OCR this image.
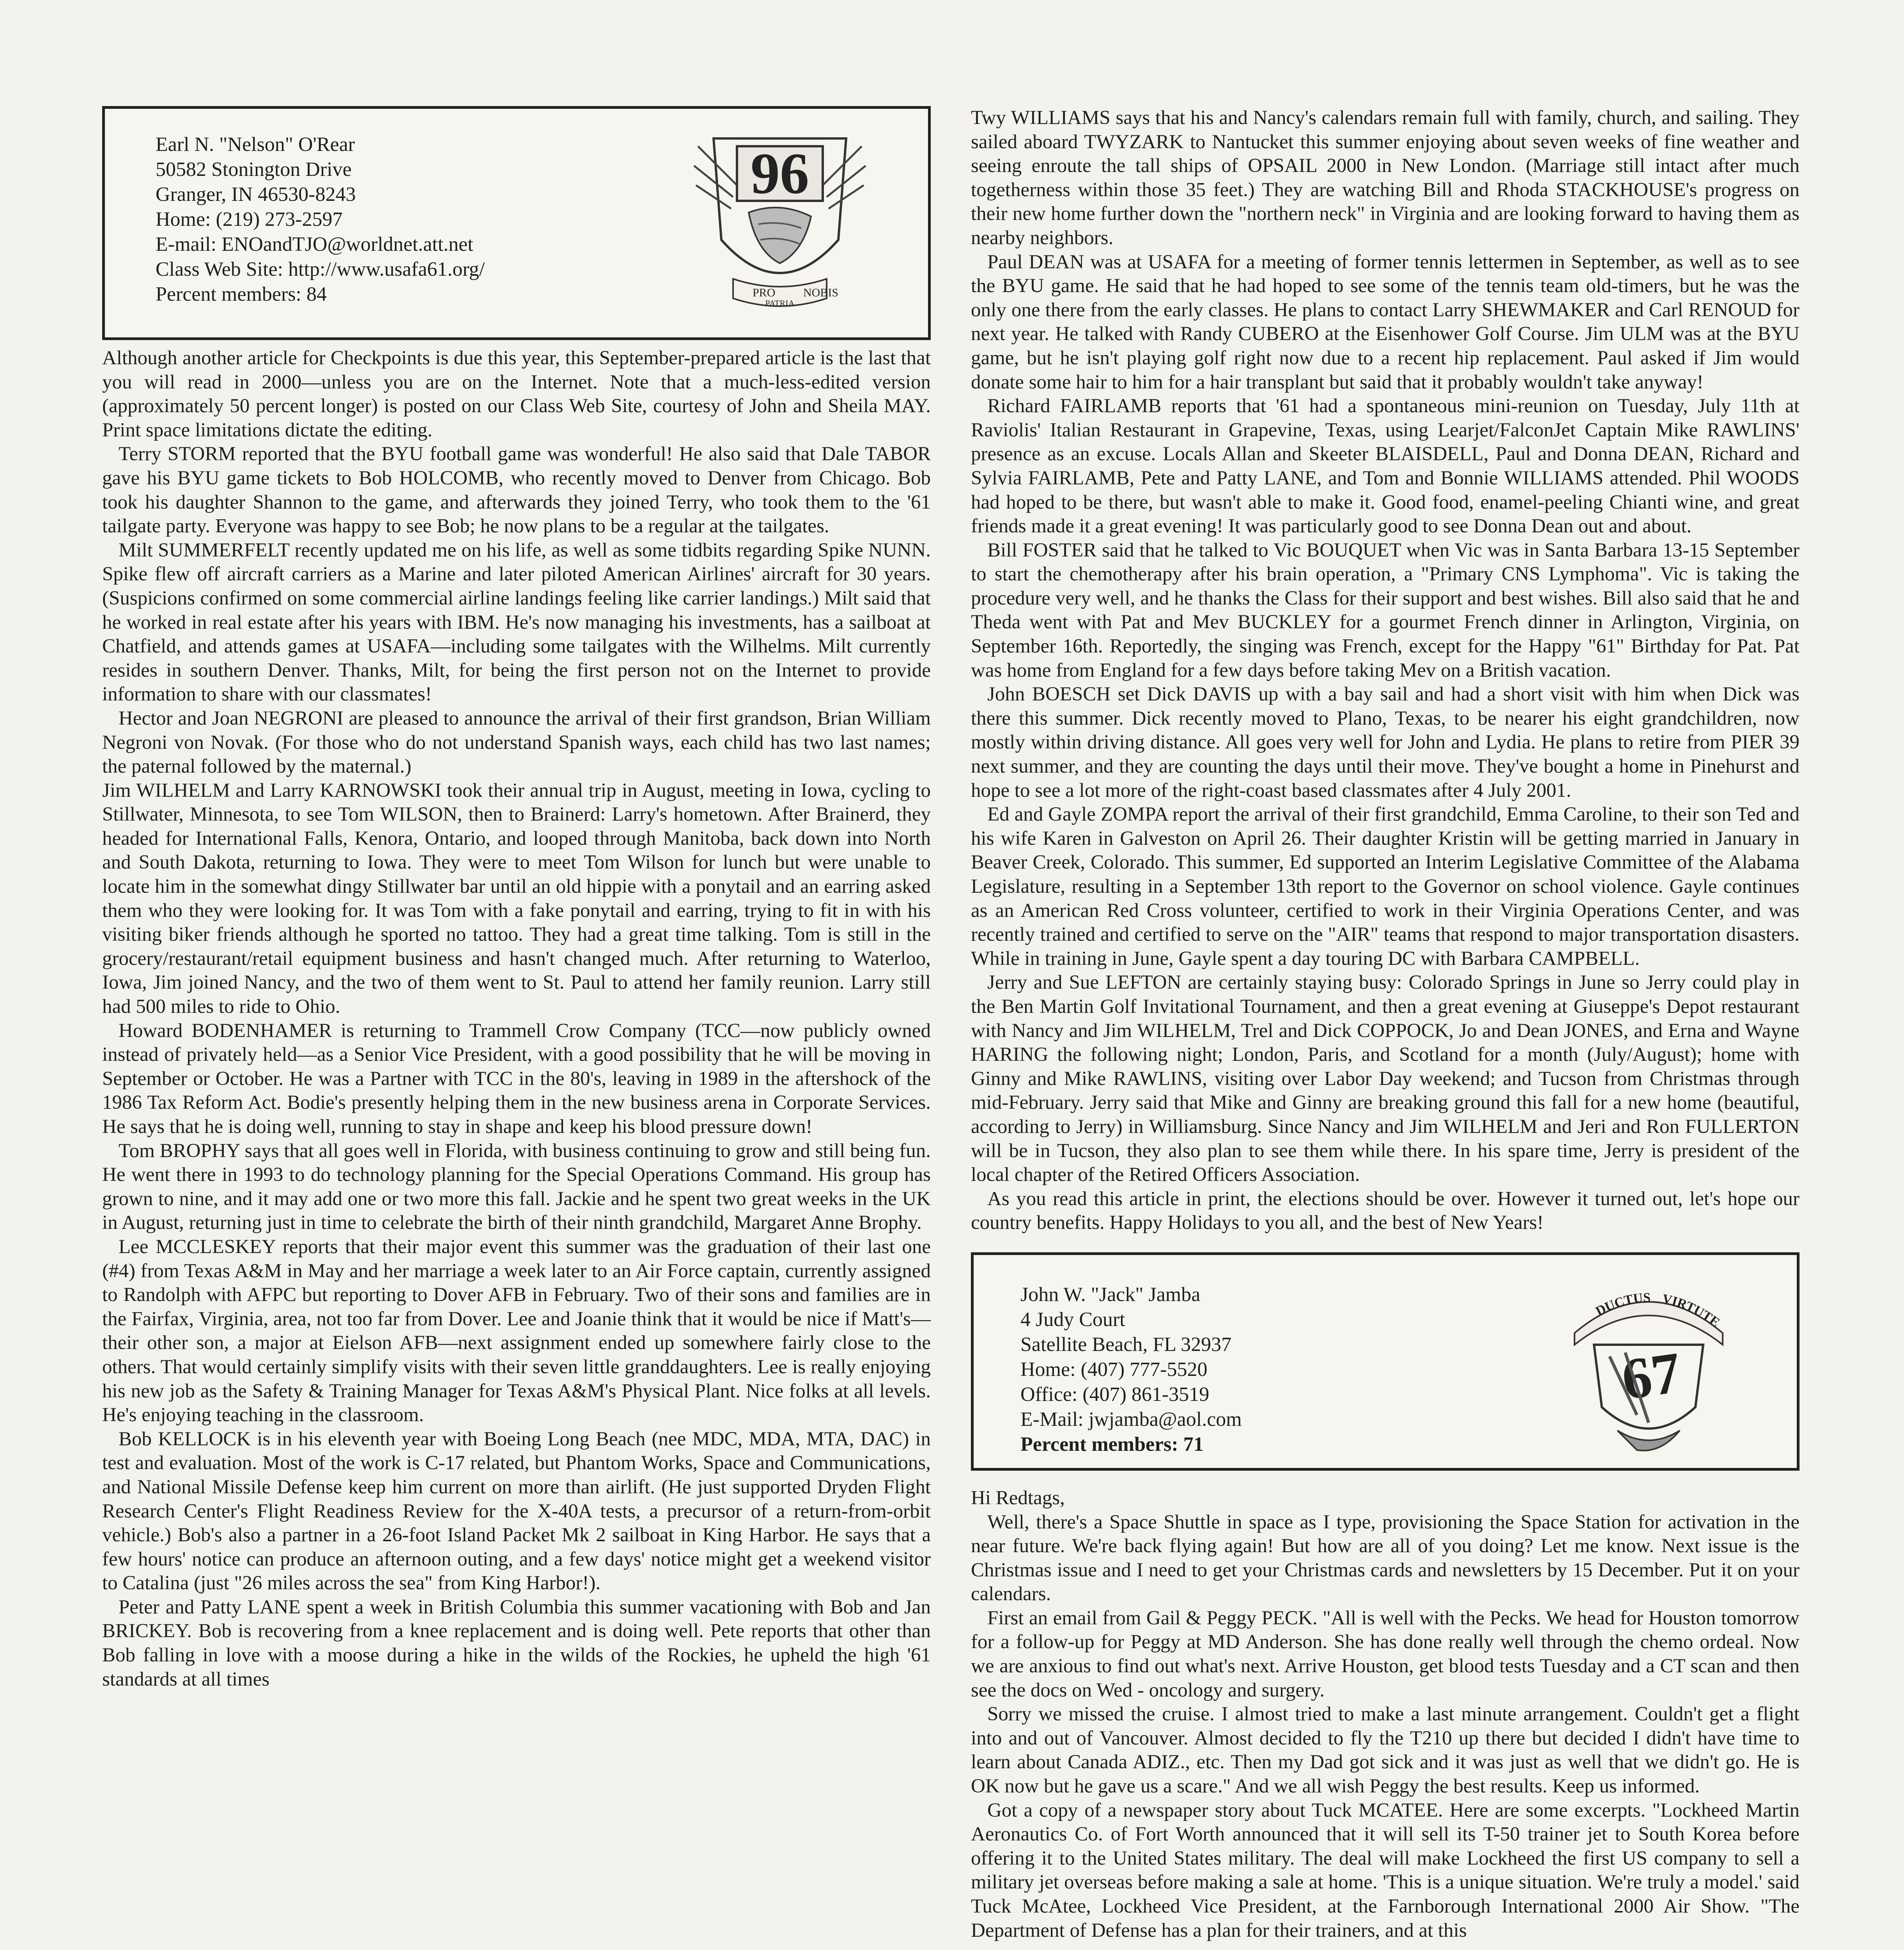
Earl N. "Nelson" O'Rear
50582 Stonington Drive
Granger, IN 46530-8243
Home: (219) 273-2597
E-mail: ENOandTJO@worldnet.att.net
Class Web Site: http://www.usafa61.org/
Percent members: 84
96
PRO
PATRIA
NOBIS

Although another article for Checkpoints is due this year, this September-prepared article is the last that you will read in 2000—unless you are on the Internet. Note that a much-less-edited version (approximately 50 percent longer) is posted on our Class Web Site, courtesy of John and Sheila MAY. Print space limitations dictate the editing.

Terry STORM reported that the BYU football game was wonderful! He also said that Dale TABOR gave his BYU game tickets to Bob HOLCOMB, who recently moved to Denver from Chicago. Bob took his daughter Shannon to the game, and afterwards they joined Terry, who took them to the '61 tailgate party. Everyone was happy to see Bob; he now plans to be a regular at the tailgates.

Milt SUMMERFELT recently updated me on his life, as well as some tidbits regarding Spike NUNN. Spike flew off aircraft carriers as a Marine and later piloted American Airlines' aircraft for 30 years. (Suspicions confirmed on some commercial airline landings feeling like carrier landings.) Milt said that he worked in real estate after his years with IBM. He's now managing his investments, has a sailboat at Chatfield, and attends games at USAFA—including some tailgates with the Wilhelms. Milt currently resides in southern Denver. Thanks, Milt, for being the first person not on the Internet to provide information to share with our classmates!

Hector and Joan NEGRONI are pleased to announce the arrival of their first grandson, Brian William Negroni von Novak. (For those who do not understand Spanish ways, each child has two last names; the paternal followed by the maternal.)

Jim WILHELM and Larry KARNOWSKI took their annual trip in August, meeting in Iowa, cycling to Stillwater, Minnesota, to see Tom WILSON, then to Brainerd: Larry's hometown. After Brainerd, they headed for International Falls, Kenora, Ontario, and looped through Manitoba, back down into North and South Dakota, returning to Iowa. They were to meet Tom Wilson for lunch but were unable to locate him in the somewhat dingy Stillwater bar until an old hippie with a ponytail and an earring asked them who they were looking for. It was Tom with a fake ponytail and earring, trying to fit in with his visiting biker friends although he sported no tattoo. They had a great time talking. Tom is still in the grocery/restaurant/retail equipment business and hasn't changed much. After returning to Waterloo, Iowa, Jim joined Nancy, and the two of them went to St. Paul to attend her family reunion. Larry still had 500 miles to ride to Ohio.

Howard BODENHAMER is returning to Trammell Crow Company (TCC—now publicly owned instead of privately held—as a Senior Vice President, with a good possibility that he will be moving in September or October. He was a Partner with TCC in the 80's, leaving in 1989 in the aftershock of the 1986 Tax Reform Act. Bodie's presently helping them in the new business arena in Corporate Services. He says that he is doing well, running to stay in shape and keep his blood pressure down!

Tom BROPHY says that all goes well in Florida, with business continuing to grow and still being fun. He went there in 1993 to do technology planning for the Special Operations Command. His group has grown to nine, and it may add one or two more this fall. Jackie and he spent two great weeks in the UK in August, returning just in time to celebrate the birth of their ninth grandchild, Margaret Anne Brophy.

Lee MCCLESKEY reports that their major event this summer was the graduation of their last one (#4) from Texas A&M in May and her marriage a week later to an Air Force captain, currently assigned to Randolph with AFPC but reporting to Dover AFB in February. Two of their sons and families are in the Fairfax, Virginia, area, not too far from Dover. Lee and Joanie think that it would be nice if Matt's—their other son, a major at Eielson AFB—next assignment ended up somewhere fairly close to the others. That would certainly simplify visits with their seven little granddaughters. Lee is really enjoying his new job as the Safety & Training Manager for Texas A&M's Physical Plant. Nice folks at all levels. He's enjoying teaching in the classroom.

Bob KELLOCK is in his eleventh year with Boeing Long Beach (nee MDC, MDA, MTA, DAC) in test and evaluation. Most of the work is C-17 related, but Phantom Works, Space and Communications, and National Missile Defense keep him current on more than airlift. (He just supported Dryden Flight Research Center's Flight Readiness Review for the X-40A tests, a precursor of a return-from-orbit vehicle.) Bob's also a partner in a 26-foot Island Packet Mk 2 sailboat in King Harbor. He says that a few hours' notice can produce an afternoon outing, and a few days' notice might get a weekend visitor to Catalina (just "26 miles across the sea" from King Harbor!).

Peter and Patty LANE spent a week in British Columbia this summer vacationing with Bob and Jan BRICKEY. Bob is recovering from a knee replacement and is doing well. Pete reports that other than Bob falling in love with a moose during a hike in the wilds of the Rockies, he upheld the high '61 standards at all times

Twy WILLIAMS says that his and Nancy's calendars remain full with family, church, and sailing. They sailed aboard TWYZARK to Nantucket this summer enjoying about seven weeks of fine weather and seeing enroute the tall ships of OPSAIL 2000 in New London. (Marriage still intact after much togetherness within those 35 feet.) They are watching Bill and Rhoda STACKHOUSE's progress on their new home further down the "northern neck" in Virginia and are looking forward to having them as nearby neighbors.

Paul DEAN was at USAFA for a meeting of former tennis lettermen in September, as well as to see the BYU game. He said that he had hoped to see some of the tennis team old-timers, but he was the only one there from the early classes. He plans to contact Larry SHEWMAKER and Carl RENOUD for next year. He talked with Randy CUBERO at the Eisenhower Golf Course. Jim ULM was at the BYU game, but he isn't playing golf right now due to a recent hip replacement. Paul asked if Jim would donate some hair to him for a hair transplant but said that it probably wouldn't take anyway!

Richard FAIRLAMB reports that '61 had a spontaneous mini-reunion on Tuesday, July 11th at Raviolis' Italian Restaurant in Grapevine, Texas, using Learjet/FalconJet Captain Mike RAWLINS' presence as an excuse. Locals Allan and Skeeter BLAISDELL, Paul and Donna DEAN, Richard and Sylvia FAIRLAMB, Pete and Patty LANE, and Tom and Bonnie WILLIAMS attended. Phil WOODS had hoped to be there, but wasn't able to make it. Good food, enamel-peeling Chianti wine, and great friends made it a great evening! It was particularly good to see Donna Dean out and about.

Bill FOSTER said that he talked to Vic BOUQUET when Vic was in Santa Barbara 13-15 September to start the chemotherapy after his brain operation, a "Primary CNS Lymphoma". Vic is taking the procedure very well, and he thanks the Class for their support and best wishes. Bill also said that he and Theda went with Pat and Mev BUCKLEY for a gourmet French dinner in Arlington, Virginia, on September 16th. Reportedly, the singing was French, except for the Happy "61" Birthday for Pat. Pat was home from England for a few days before taking Mev on a British vacation.

John BOESCH set Dick DAVIS up with a bay sail and had a short visit with him when Dick was there this summer. Dick recently moved to Plano, Texas, to be nearer his eight grandchildren, now mostly within driving distance. All goes very well for John and Lydia. He plans to retire from PIER 39 next summer, and they are counting the days until their move. They've bought a home in Pinehurst and hope to see a lot more of the right-coast based classmates after 4 July 2001.

Ed and Gayle ZOMPA report the arrival of their first grandchild, Emma Caroline, to their son Ted and his wife Karen in Galveston on April 26. Their daughter Kristin will be getting married in January in Beaver Creek, Colorado. This summer, Ed supported an Interim Legislative Committee of the Alabama Legislature, resulting in a September 13th report to the Governor on school violence. Gayle continues as an American Red Cross volunteer, certified to work in their Virginia Operations Center, and was recently trained and certified to serve on the "AIR" teams that respond to major transportation disasters. While in training in June, Gayle spent a day touring DC with Barbara CAMPBELL.

Jerry and Sue LEFTON are certainly staying busy: Colorado Springs in June so Jerry could play in the Ben Martin Golf Invitational Tournament, and then a great evening at Giuseppe's Depot restaurant with Nancy and Jim WILHELM, Trel and Dick COPPOCK, Jo and Dean JONES, and Erna and Wayne HARING the following night; London, Paris, and Scotland for a month (July/August); home with Ginny and Mike RAWLINS, visiting over Labor Day weekend; and Tucson from Christmas through mid-February. Jerry said that Mike and Ginny are breaking ground this fall for a new home (beautiful, according to Jerry) in Williamsburg. Since Nancy and Jim WILHELM and Jeri and Ron FULLERTON will be in Tucson, they also plan to see them while there. In his spare time, Jerry is president of the local chapter of the Retired Officers Association.

As you read this article in print, the elections should be over. However it turned out, let's hope our country benefits. Happy Holidays to you all, and the best of New Years!

John W. "Jack" Jamba
4 Judy Court
Satellite Beach, FL 32937
Home: (407) 777-5520
Office: (407) 861-3519
E-Mail: jwjamba@aol.com
Percent members: 71
DUCTUS VIRTUTE
67

Hi Redtags,

Well, there's a Space Shuttle in space as I type, provisioning the Space Station for activation in the near future. We're back flying again! But how are all of you doing? Let me know. Next issue is the Christmas issue and I need to get your Christmas cards and newsletters by 15 December. Put it on your calendars.

First an email from Gail & Peggy PECK. "All is well with the Pecks. We head for Houston tomorrow for a follow-up for Peggy at MD Anderson. She has done really well through the chemo ordeal. Now we are anxious to find out what's next. Arrive Houston, get blood tests Tuesday and a CT scan and then see the docs on Wed - oncology and surgery.

Sorry we missed the cruise. I almost tried to make a last minute arrangement. Couldn't get a flight into and out of Vancouver. Almost decided to fly the T210 up there but decided I didn't have time to learn about Canada ADIZ., etc. Then my Dad got sick and it was just as well that we didn't go. He is OK now but he gave us a scare." And we all wish Peggy the best results. Keep us informed.

Got a copy of a newspaper story about Tuck MCATEE. Here are some excerpts. "Lockheed Martin Aeronautics Co. of Fort Worth announced that it will sell its T-50 trainer jet to South Korea before offering it to the United States military. The deal will make Lockheed the first US company to sell a military jet overseas before making a sale at home. 'This is a unique situation. We're truly a model.' said Tuck McAtee, Lockheed Vice President, at the Farnborough International 2000 Air Show. "The Department of Defense has a plan for their trainers, and at this
